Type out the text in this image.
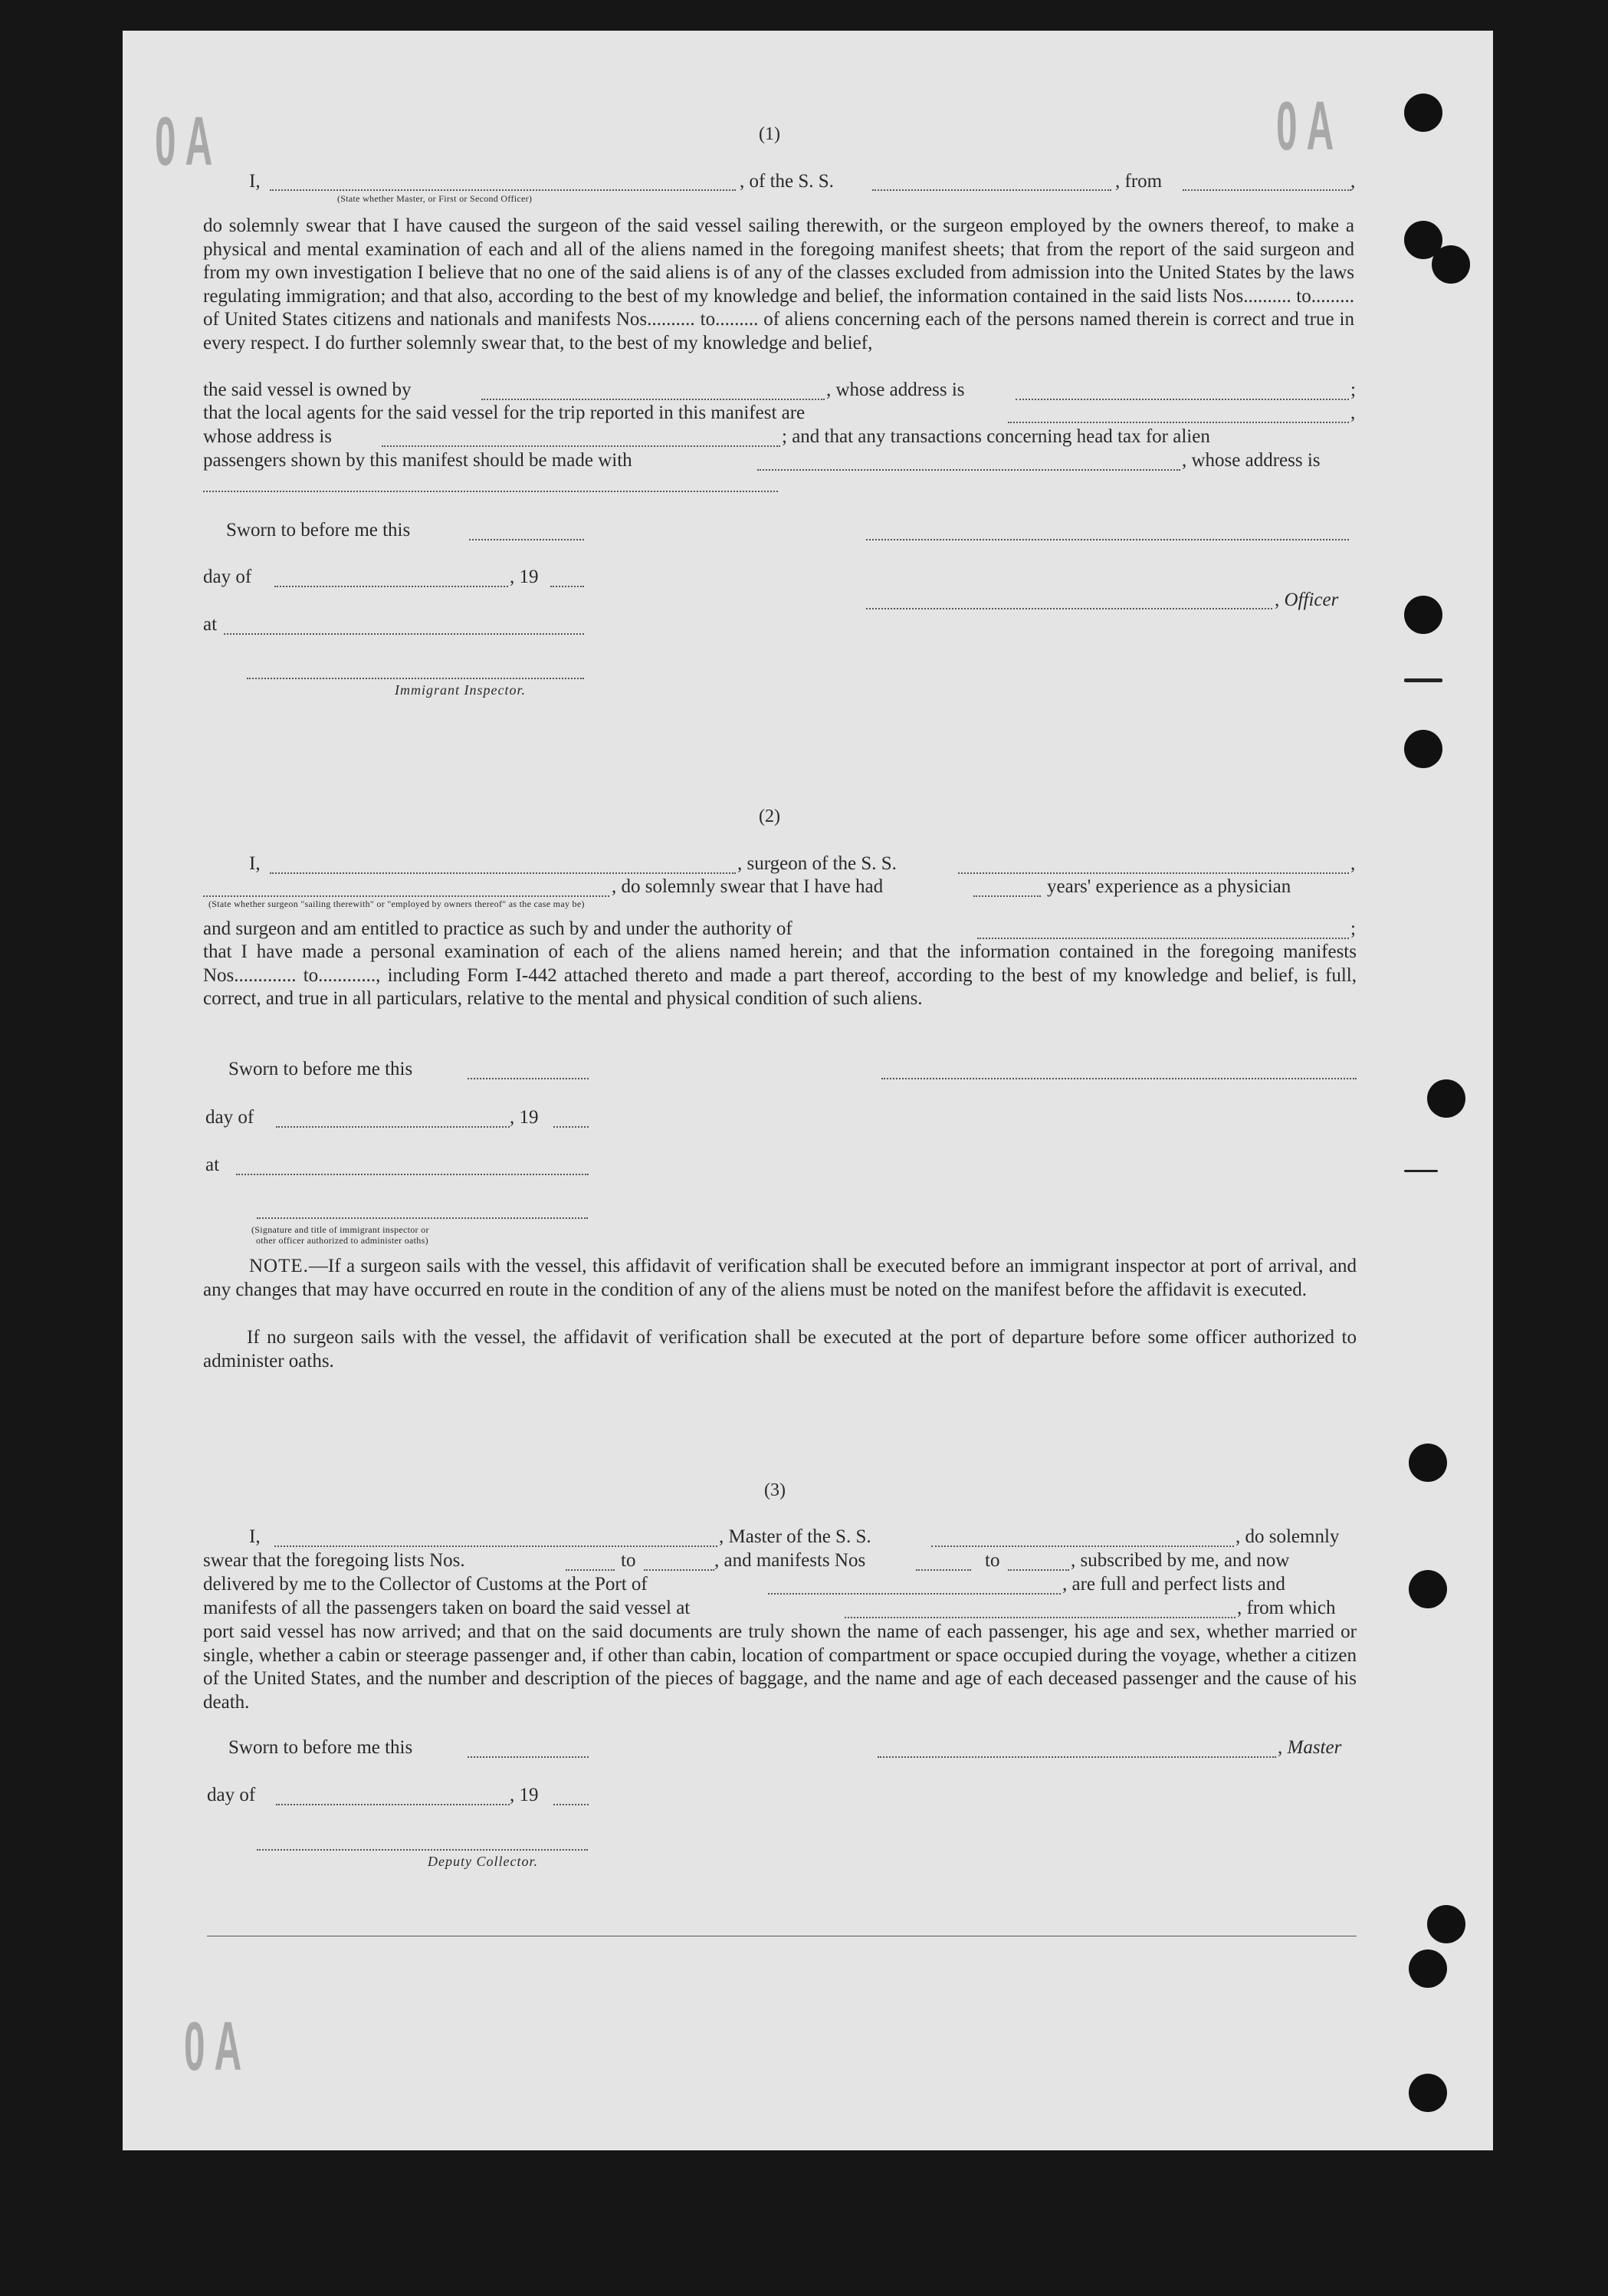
0 A	0 A
0 A
(1)
I,	, of the S. S.	, from	,
(State whether Master, or First or Second Officer)
do solemnly swear that I have caused the surgeon of the said vessel sailing therewith, or the surgeon employed by the owners thereof, to make a physical and mental examination of each and all of the aliens named in the foregoing manifest sheets; that from the report of the said surgeon and from my own investigation I believe that no one of the said aliens is of any of the classes excluded from admission into the United States by the laws regulating immigration; and that also, according to the best of my knowledge and belief, the information contained in the said lists Nos.......... to......... of United States citizens and nationals and manifests Nos.......... to......... of aliens concerning each of the persons named therein is correct and true in every respect. I do further solemnly swear that, to the best of my knowledge and belief,
the said vessel is owned by	, whose address is	;
that the local agents for the said vessel for the trip reported in this manifest are	,
whose address is	; and that any transactions concerning head tax for alien
passengers shown by this manifest should be made with	, whose address is
Sworn to before me this
day of	, 19
, Officer
at
Immigrant Inspector.
(2)
I,	, surgeon of the S. S.	,
, do solemnly swear that I have had	years' experience as a physician
(State whether surgeon "sailing therewith" or "employed by owners thereof" as the case may be)
and surgeon and am entitled to practice as such by and under the authority of	;
that I have made a personal examination of each of the aliens named herein; and that the information contained in the foregoing manifests Nos............. to............, including Form I-442 attached thereto and made a part thereof, according to the best of my knowledge and belief, is full, correct, and true in all particulars, relative to the mental and physical condition of such aliens.
Sworn to before me this
day of	, 19
at
(Signature and title of immigrant inspector or
other officer authorized to administer oaths)
NOTE.—If a surgeon sails with the vessel, this affidavit of verification shall be executed before an immigrant inspector at port of arrival, and any changes that may have occurred en route in the condition of any of the aliens must be noted on the manifest before the affidavit is executed.
If no surgeon sails with the vessel, the affidavit of verification shall be executed at the port of departure before some officer authorized to administer oaths.
(3)
I,	, Master of the S. S.	, do solemnly
swear that the foregoing lists Nos.	to	, and manifests Nos	to	, subscribed by me, and now
delivered by me to the Collector of Customs at the Port of	, are full and perfect lists and
manifests of all the passengers taken on board the said vessel at	, from which
port said vessel has now arrived; and that on the said documents are truly shown the name of each passenger, his age and sex, whether married or single, whether a cabin or steerage passenger and, if other than cabin, location of compartment or space occupied during the voyage, whether a citizen of the United States, and the number and description of the pieces of baggage, and the name and age of each deceased passenger and the cause of his death.
Sworn to before me this	, Master
day of	, 19
Deputy Collector.
